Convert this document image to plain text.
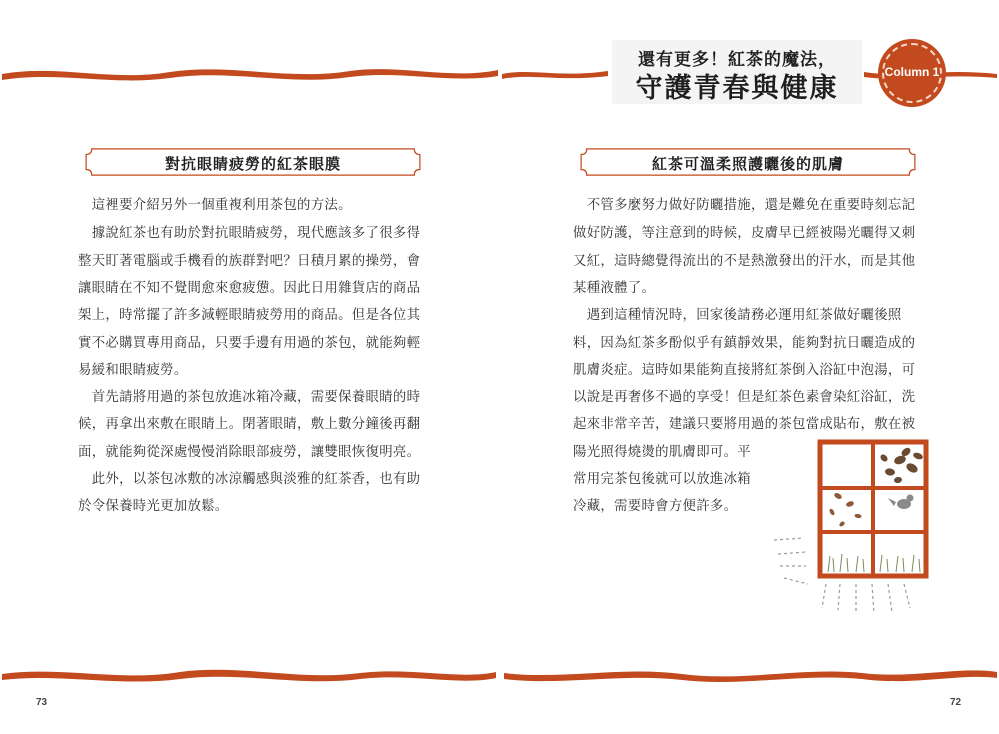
還有更多！紅茶的魔法，
守護青春與健康
Column 1
對抗眼睛疲勞的紅茶眼膜	紅茶可溫柔照護曬後的肌膚
　這裡要介紹另外一個重複利用茶包的方法。
　據說紅茶也有助於對抗眼睛疲勞，現代應該多了很多得
整天盯著電腦或手機看的族群對吧？日積月累的操勞，會
讓眼睛在不知不覺間愈來愈疲憊。因此日用雜貨店的商品
架上，時常擺了許多減輕眼睛疲勞用的商品。但是各位其
實不必購買專用商品，只要手邊有用過的茶包，就能夠輕
易緩和眼睛疲勞。
　首先請將用過的茶包放進冰箱冷藏，需要保養眼睛的時
候，再拿出來敷在眼睛上。閉著眼睛，敷上數分鐘後再翻
面，就能夠從深處慢慢消除眼部疲勞，讓雙眼恢復明亮。
　此外，以茶包冰敷的冰涼觸感與淡雅的紅茶香，也有助
於令保養時光更加放鬆。
　不管多麼努力做好防曬措施，還是難免在重要時刻忘記
做好防護，等注意到的時候，皮膚早已經被陽光曬得又刺
又紅，這時總覺得流出的不是熱激發出的汗水，而是其他
某種液體了。
　遇到這種情況時，回家後請務必運用紅茶做好曬後照
料，因為紅茶多酚似乎有鎮靜效果，能夠對抗日曬造成的
肌膚炎症。這時如果能夠直接將紅茶倒入浴缸中泡湯，可
以說是再奢侈不過的享受！但是紅茶色素會染紅浴缸，洗
起來非常辛苦，建議只要將用過的茶包當成貼布，敷在被
陽光照得燒燙的肌膚即可。平
常用完茶包後就可以放進冰箱
冷藏，需要時會方便許多。
73	72
